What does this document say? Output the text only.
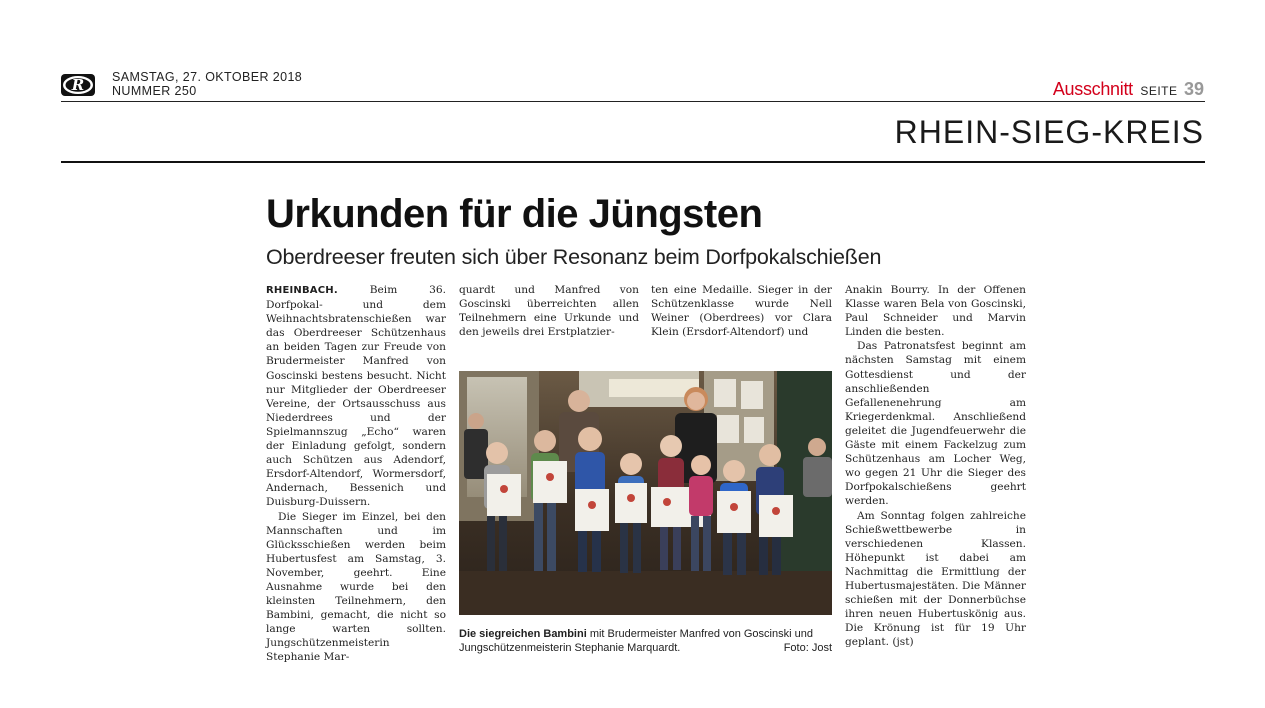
R SAMSTAG, 27. OKTOBER 2018
NUMMER 250	Ausschnitt SEITE 39
RHEIN-SIEG-KREIS
Urkunden für die Jüngsten
Oberdreeser freuten sich über Resonanz beim Dorfpokalschießen

RHEINBACH. Beim 36. Dorfpokal- und dem Weihnachtsbratenschießen war das Oberdreeser Schützenhaus an beiden Tagen zur Freude von Brudermeister Manfred von Goscinski bestens besucht. Nicht nur Mitglieder der Oberdreeser Vereine, der Ortsausschuss aus Niederdrees und der Spielmannszug „Echo“ waren der Einladung gefolgt, sondern auch Schützen aus Adendorf, Ersdorf-Altendorf, Wormersdorf, Andernach, Bessenich und Duisburg-Duissern.

Die Sieger im Einzel, bei den Mannschaften und im Glücksschießen werden beim Hubertusfest am Samstag, 3. November, geehrt. Eine Ausnahme wurde bei den kleinsten Teilnehmern, den Bambini, gemacht, die nicht so lange warten sollten. Jungschützenmeisterin Stephanie Mar-

quardt und Manfred von Goscinski überreichten allen Teilnehmern eine Urkunde und den jeweils drei Erstplatzier-

ten eine Medaille. Sieger in der Schützenklasse wurde Nell Weiner (Oberdrees) vor Clara Klein (Ersdorf-Altendorf) und

Anakin Bourry. In der Offenen Klasse waren Bela von Goscinski, Paul Schneider und Marvin Linden die besten.

Das Patronatsfest beginnt am nächsten Samstag mit einem Gottesdienst und der anschließenden Gefallenenehrung am Kriegerdenkmal. Anschließend geleitet die Jugendfeuerwehr die Gäste mit einem Fackelzug zum Schützenhaus am Locher Weg, wo gegen 21 Uhr die Sieger des Dorfpokalschießens geehrt werden.

Am Sonntag folgen zahlreiche Schießwettbewerbe in verschiedenen Klassen. Höhepunkt ist dabei am Nachmittag die Ermittlung der Hubertusmajestäten. Die Männer schießen mit der Donnerbüchse ihren neuen Hubertuskönig aus. Die Krönung ist für 19 Uhr geplant. (jst)

Die siegreichen Bambini mit Brudermeister Manfred von Goscinski und Jungschützenmeisterin Stephanie Marquardt.	Foto: Jost
